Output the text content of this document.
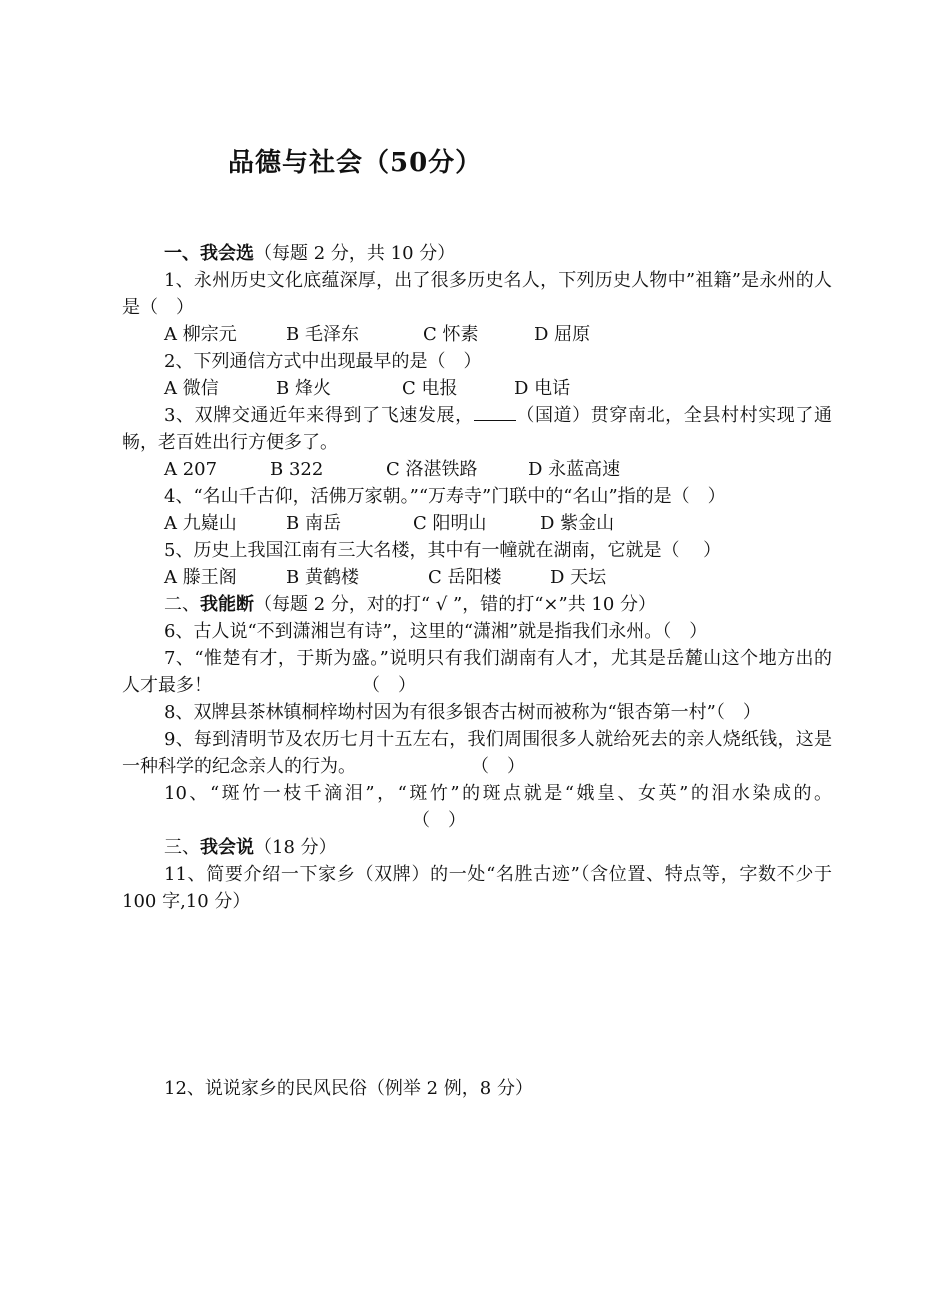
品德与社会（50分）
一、我会选（每题 2 分，共 10 分）
1、永州历史文化底蕴深厚，出了很多历史名人，下列历史人物中”祖籍”是永州的人是（　）
A 柳宗元	B 毛泽东	C 怀素	D 屈原
2、下列通信方式中出现最早的是（　）
A 微信	B 烽火	C 电报	D 电话
3、双牌交通近年来得到了飞速发展， （国道）贯穿南北，全县村村实现了通畅，老百姓出行方便多了。
A 207	B 322	C 洛湛铁路	D 永蓝高速
4、“名山千古仰，活佛万家朝。”“万寿寺”门联中的“名山”指的是（　）
A 九嶷山	B 南岳	C 阳明山	D 紫金山
5、历史上我国江南有三大名楼，其中有一幢就在湖南，它就是（　 ）
A 滕王阁	B 黄鹤楼	C 岳阳楼	D 天坛
二、我能断（每题 2 分，对的打“ √ ”，错的打“×”共 10 分）
6、古人说“不到潇湘岂有诗”，这里的“潇湘”就是指我们永州。（　）
7、“惟楚有才，于斯为盛。”说明只有我们湖南有人才，尤其是岳麓山这个地方出的人才最多！	（　）
8、双牌县茶林镇桐梓坳村因为有很多银杏古树而被称为“银杏第一村”（　）
9、每到清明节及农历七月十五左右，我们周围很多人就给死去的亲人烧纸钱，这是一种科学的纪念亲人的行为。	（　）
10、“斑竹一枝千滴泪”，“斑竹”的斑点就是“娥皇、女英”的泪水染成的。（　）
三、我会说（18 分）
11、简要介绍一下家乡（双牌）的一处“名胜古迹”（含位置、特点等，字数不少于 100 字,10 分）
12、说说家乡的民风民俗（例举 2 例，8 分）
